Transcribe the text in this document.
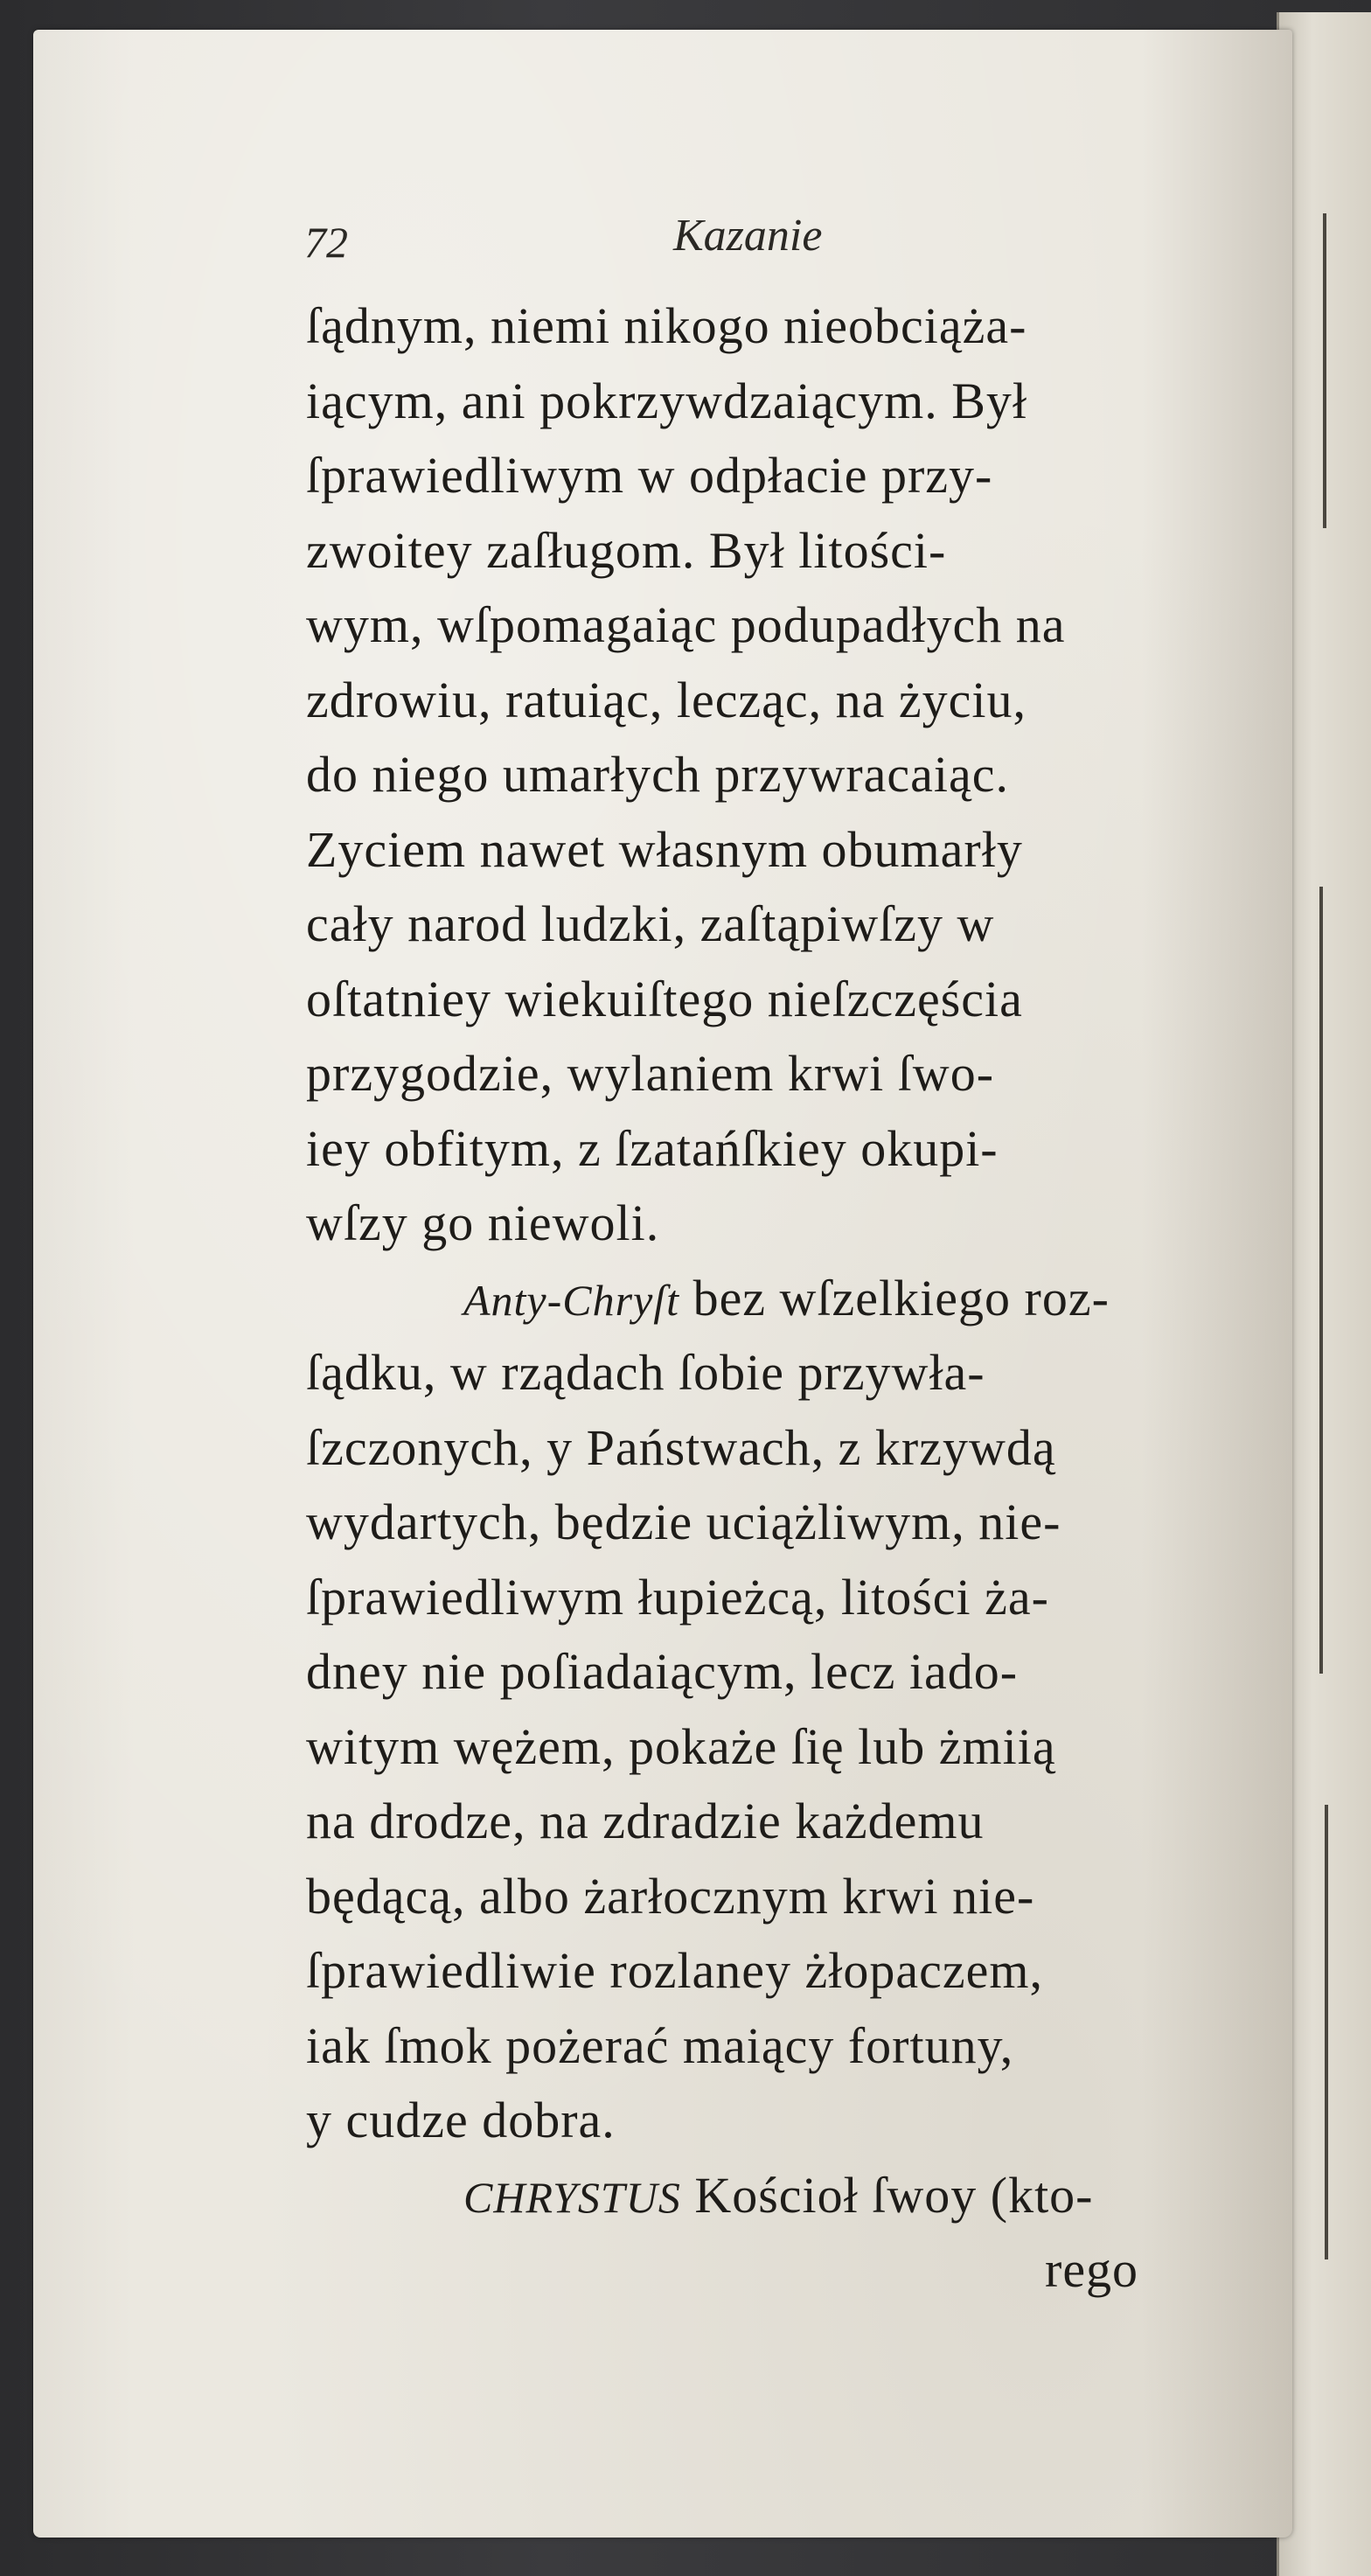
72	Kazanie
ſądnym, niemi nikogo nieobciąża-
iącym, ani pokrzywdzaiącym. Był
ſprawiedliwym w odpłacie przy-
zwoitey zaſługom. Był litości-
wym, wſpomagaiąc podupadłych na
zdrowiu, ratuiąc, lecząc, na życiu,
do niego umarłych przywracaiąc.
Zyciem nawet własnym obumarły
cały narod ludzki, zaſtąpiwſzy w
oſtatniey wiekuiſtego nieſzczęścia
przygodzie, wylaniem krwi ſwo-
iey obfitym, z ſzatańſkiey okupi-
wſzy go niewoli.
Anty-Chryſt bez wſzelkiego roz-
ſądku, w rządach ſobie przywła-
ſzczonych, y Państwach, z krzywdą
wydartych, będzie uciążliwym, nie-
ſprawiedliwym łupieżcą, litości ża-
dney nie poſiadaiącym, lecz iado-
witym wężem, pokaże ſię lub żmiią
na drodze, na zdradzie każdemu
będącą, albo żarłocznym krwi nie-
ſprawiedliwie rozlaney żłopaczem,
iak ſmok pożerać maiący fortuny,
y cudze dobra.
CHRYSTUS Kościoł ſwoy (kto-
rego
